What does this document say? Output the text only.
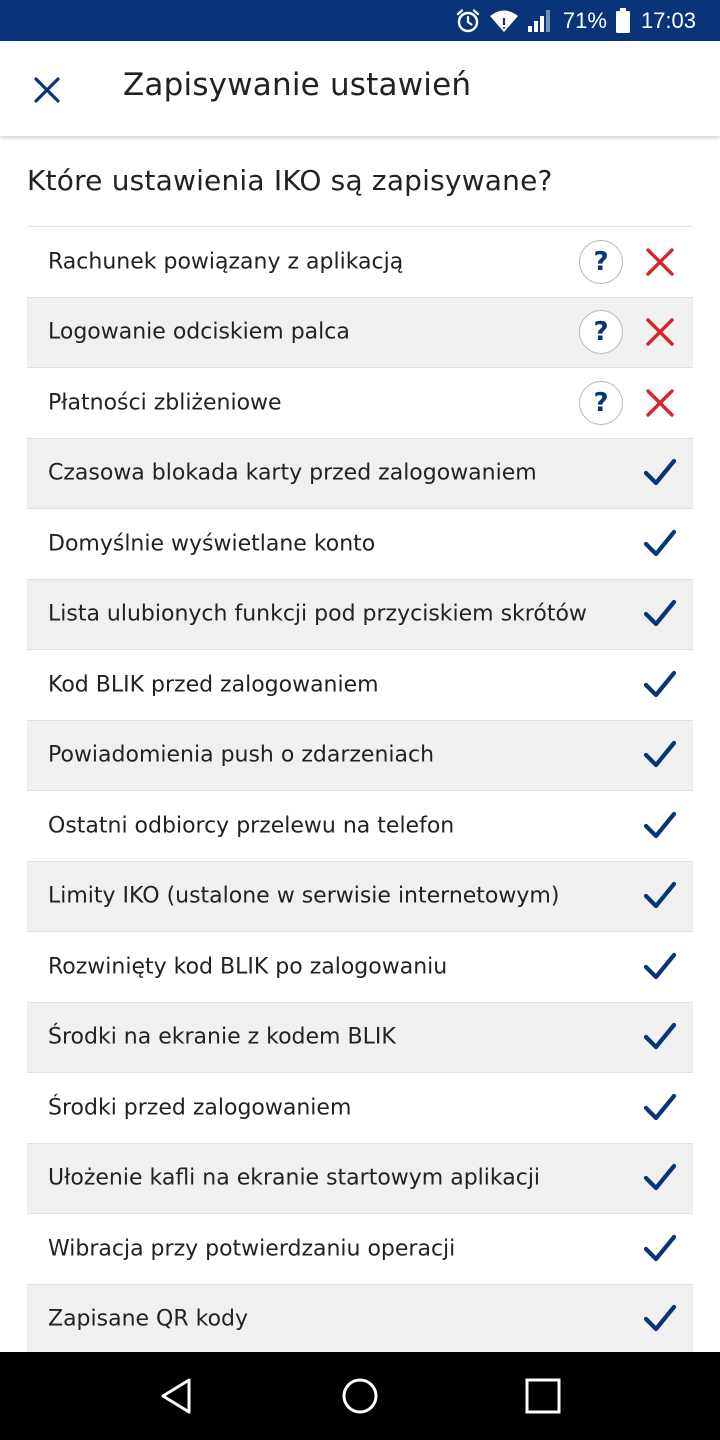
71% 17:03
Zapisywanie ustawień
Które ustawienia IKO są zapisywane?
Rachunek powiązany z aplikacją	?
Logowanie odciskiem palca	?
Płatności zbliżeniowe	?
Czasowa blokada karty przed zalogowaniem
Domyślnie wyświetlane konto
Lista ulubionych funkcji pod przyciskiem skrótów
Kod BLIK przed zalogowaniem
Powiadomienia push o zdarzeniach
Ostatni odbiorcy przelewu na telefon
Limity IKO (ustalone w serwisie internetowym)
Rozwinięty kod BLIK po zalogowaniu
Środki na ekranie z kodem BLIK
Środki przed zalogowaniem
Ułożenie kafli na ekranie startowym aplikacji
Wibracja przy potwierdzaniu operacji
Zapisane QR kody
